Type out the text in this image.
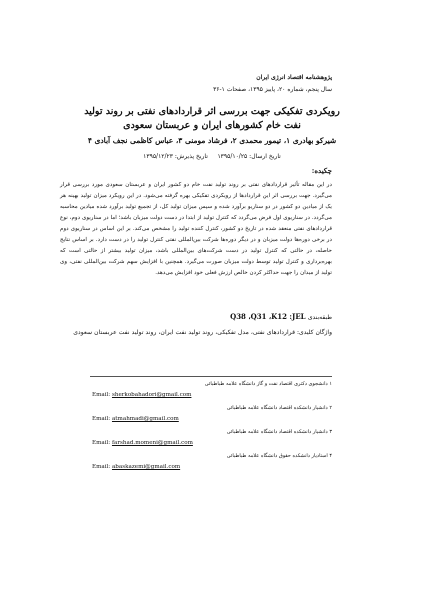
پژوهشنامه اقتصاد انرژی ایران
سال پنجم، شماره ۲۰، پاییز ۱۳۹۵، صفحات ۱-۳۶
رویکردی تفکیکی جهت بررسی اثر قراردادهای نفتی بر روند تولید
نفت خام کشورهای ایران و عربستان سعودی
شیرکو بهادری ۱، تیمور محمدی ۲، فرشاد مومنی ۳، عباس کاظمی نجف آبادی ۴
تاریخ ارسال: ۱۳۹۵/۱۰/۲۵     تاریخ پذیرش: ۱۳۹۵/۱۲/۲۳
چکیده:
در این مقاله تأثیر قراردادهای نفتی بر روند تولید نفت خام دو کشور ایران و عربستان سعودی مورد بررسی قرار می‌گیرد. جهت بررسی اثر این قراردادها از رویکردی تفکیکی بهره گرفته می‌شود. در این رویکرد میزان تولید بهینه هر یک از میادین دو کشور در دو سناریو برآورد شده و سپس میزان تولید کل، از تجمیع تولید برآورد شده میادین محاسبه می‌گردد. در سناریوی اول فرض می‌گردد که کنترل تولید از ابتدا در دست دولت میزبان باشد؛ اما در سناریوی دوم، نوع قراردادهای نفتی منعقد شده در تاریخ دو کشور، کنترل کننده تولید را مشخص می‌کند. بر این اساس در سناریوی دوم در برخی دوره‌ها دولت میزبان و در دیگر دوره‌ها شرکت بین‌المللی نفتی کنترل تولید را در دست دارد. بر اساس نتایج حاصله، در حالتی که کنترل تولید در دست شرکت‌های بین‌المللی باشد، میزان تولید بیشتر از حالتی است که بهره‌برداری و کنترل تولید توسط دولت میزبان صورت می‌گیرد. همچنین با افزایش سهم شرکت بین‌المللی نفتی، وی تولید از میدان را جهت حداکثر کردن خالص ارزش فعلی خود افزایش می‌دهد.
طبقه‌بندی Q38 ،Q31 ،K12 :JEL
واژگان کلیدی: قراردادهای نفتی، مدل تفکیکی، روند تولید نفت ایران، روند تولید نفت عربستان سعودی
۱ دانشجوی دکتری اقتصاد نفت و گاز دانشگاه علامه طباطبائی
Email: sherkobahadori@gmail.com
۲ دانشیار دانشکده اقتصاد دانشگاه علامه طباطبائی
Email: atmahmadi@gmail.com
۳ دانشیار دانشکده اقتصاد دانشگاه علامه طباطبائی
Email: farshad.momeni@gmail.com
۴ استادیار دانشکده حقوق دانشگاه علامه طباطبائی
Email: abaskazemi@gmail.com
